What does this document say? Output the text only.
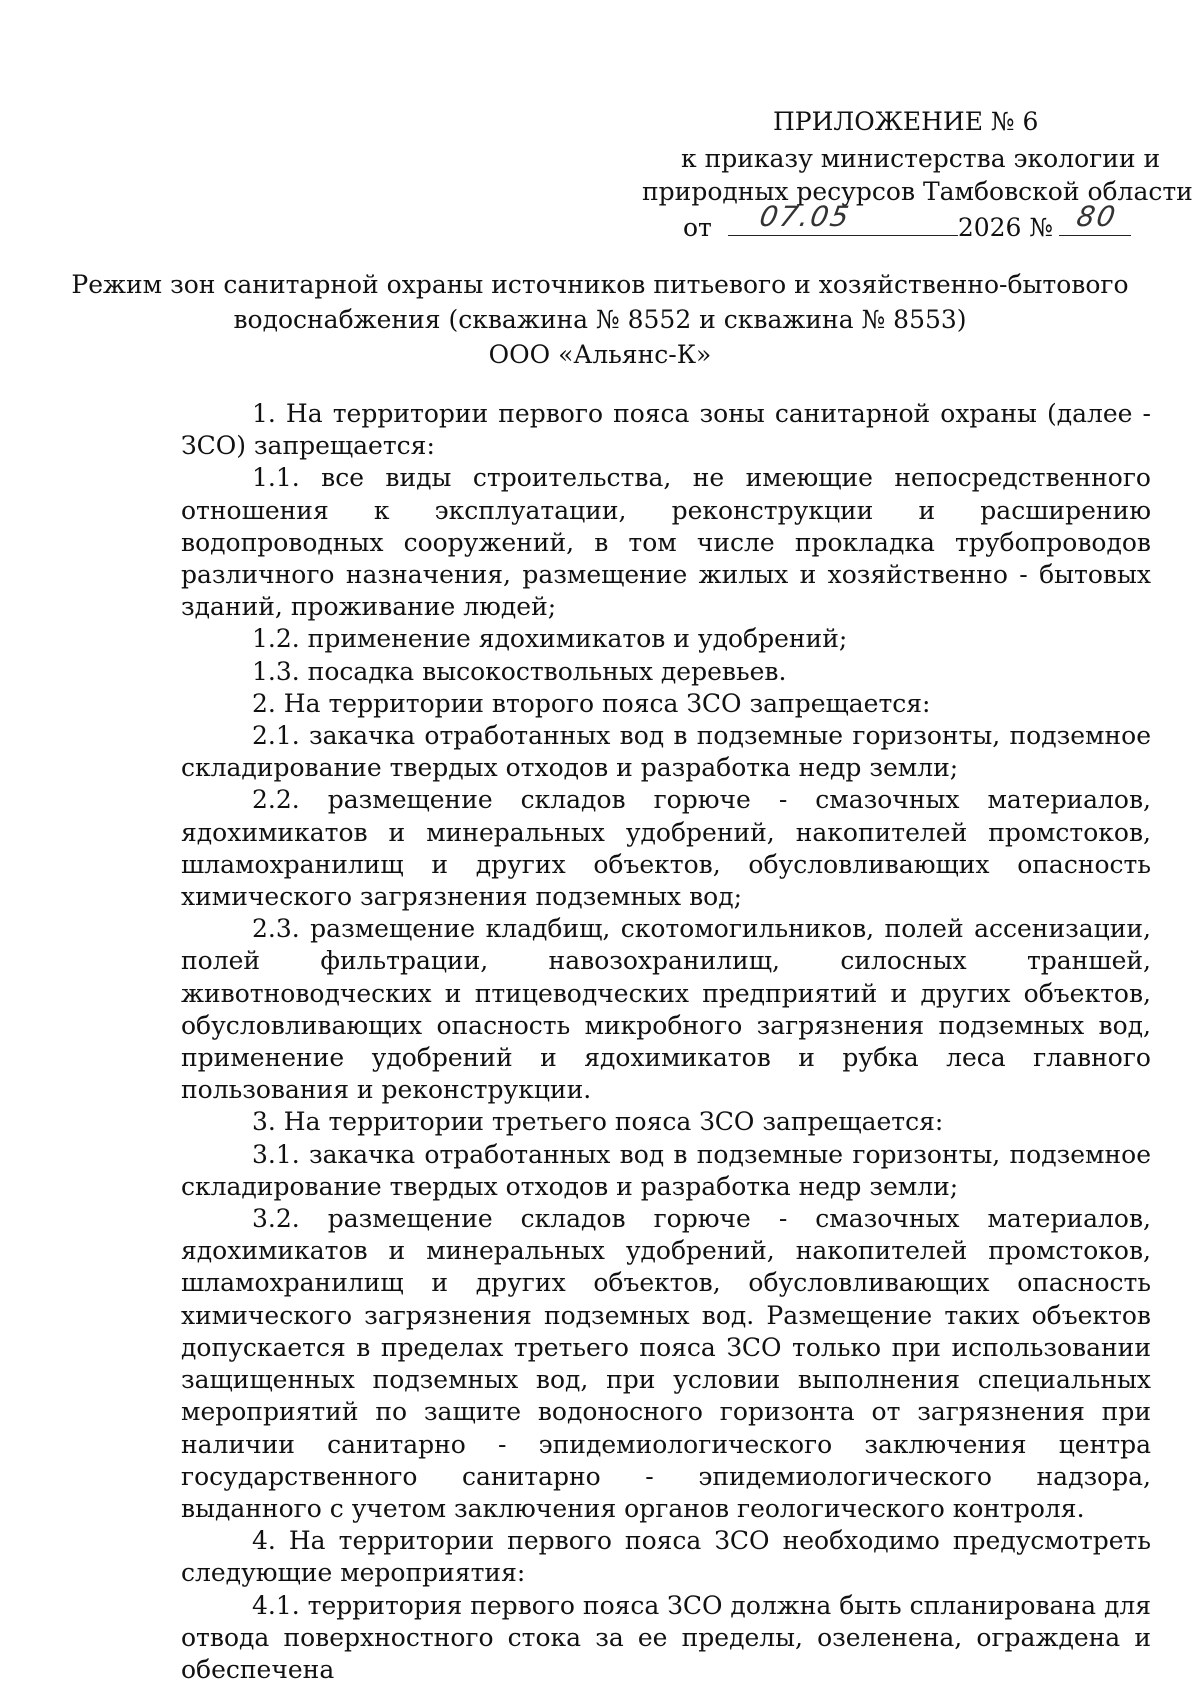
ПРИЛОЖЕНИЕ № 6
к приказу министерства экологии и
природных ресурсов Тамбовской области
от 07.05	2026 № 80
Режим зон санитарной охраны источников питьевого и хозяйственно-бытового
водоснабжения (скважина № 8552 и скважина № 8553)
ООО «Альянс-К»

1. На территории первого пояса зоны санитарной охраны (далее - ЗСО) запрещается:

1.1. все виды строительства, не имеющие непосредственного отношения к эксплуатации, реконструкции и расширению водопроводных сооружений, в том числе прокладка трубопроводов различного назначения, размещение жилых и хозяйственно - бытовых зданий, проживание людей;

1.2. применение ядохимикатов и удобрений;

1.3. посадка высокоствольных деревьев.

2. На территории второго пояса ЗСО запрещается:

2.1. закачка отработанных вод в подземные горизонты, подземное складирование твердых отходов и разработка недр земли;

2.2. размещение складов горюче - смазочных материалов, ядохимикатов и минеральных удобрений, накопителей промстоков, шламохранилищ и других объектов, обусловливающих опасность химического загрязнения подземных вод;

2.3. размещение кладбищ, скотомогильников, полей ассенизации, полей фильтрации, навозохранилищ, силосных траншей, животноводческих и птицеводческих предприятий и других объектов, обусловливающих опасность микробного загрязнения подземных вод, применение удобрений и ядохимикатов и рубка леса главного пользования и реконструкции.

3. На территории третьего пояса ЗСО запрещается:

3.1. закачка отработанных вод в подземные горизонты, подземное складирование твердых отходов и разработка недр земли;

3.2. размещение складов горюче - смазочных материалов, ядохимикатов и минеральных удобрений, накопителей промстоков, шламохранилищ и других объектов, обусловливающих опасность химического загрязнения подземных вод. Размещение таких объектов допускается в пределах третьего пояса ЗСО только при использовании защищенных подземных вод, при условии выполнения специальных мероприятий по защите водоносного горизонта от загрязнения при наличии санитарно - эпидемиологического заключения центра государственного санитарно - эпидемиологического надзора, выданного с учетом заключения органов геологического контроля.

4. На территории первого пояса ЗСО необходимо предусмотреть следующие мероприятия:

4.1. территория первого пояса ЗСО должна быть спланирована для отвода поверхностного стока за ее пределы, озеленена, ограждена и обеспечена
